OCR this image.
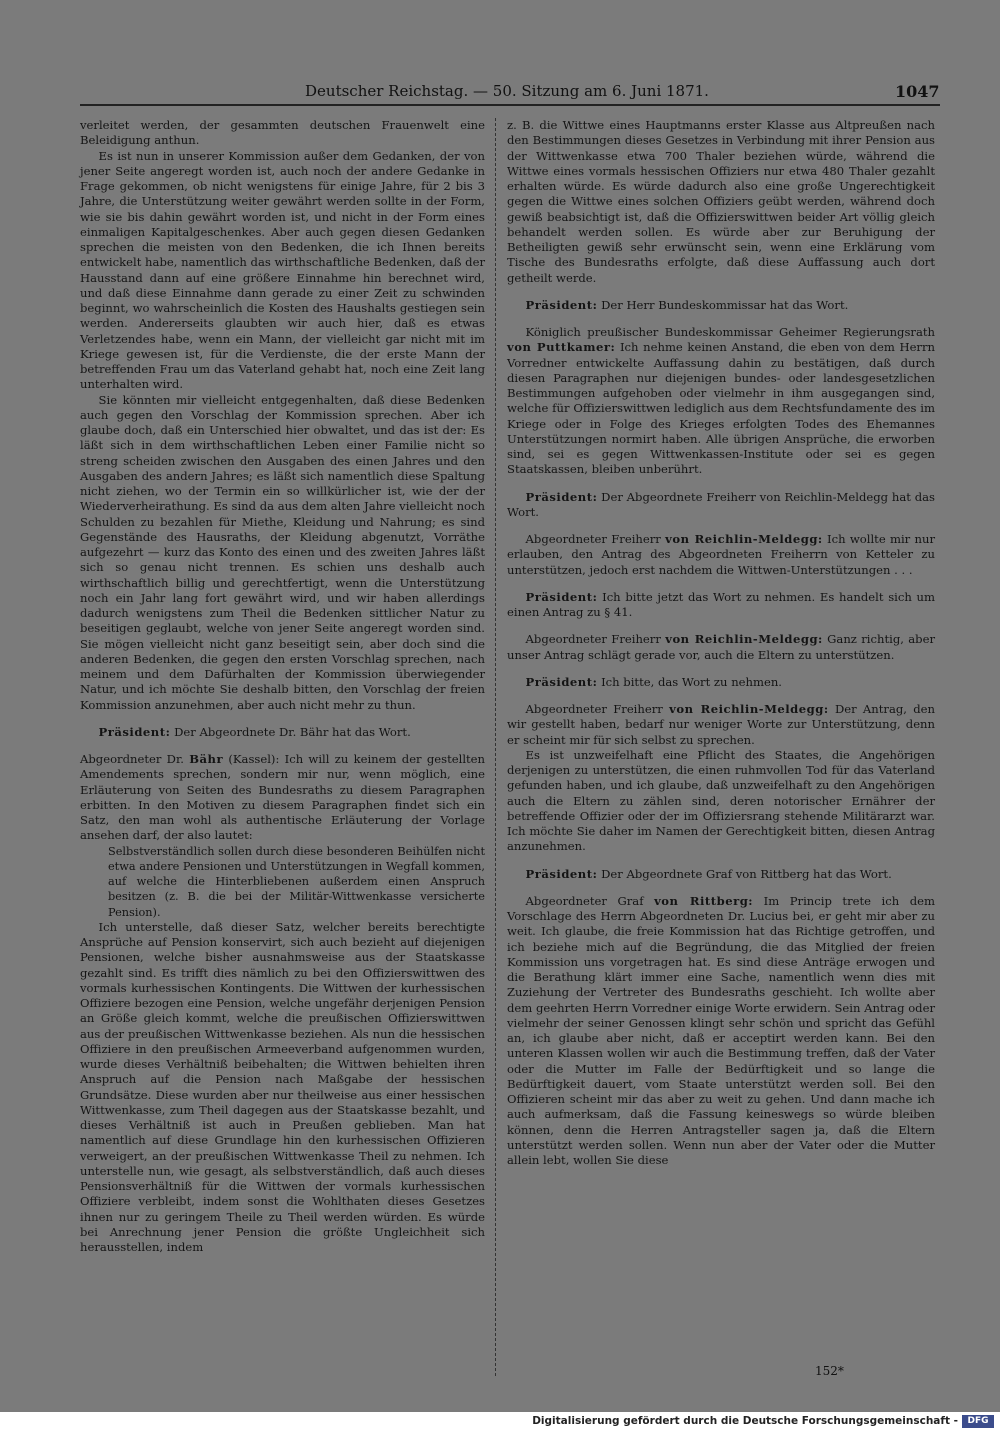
Deutscher Reichstag. — 50. Sitzung am 6. Juni 1871.	1047

verleitet werden, der gesammten deutschen Frauenwelt eine Beleidigung anthun.

Es ist nun in unserer Kommission außer dem Gedanken, der von jener Seite angeregt worden ist, auch noch der andere Gedanke in Frage gekommen, ob nicht wenigstens für einige Jahre, für 2 bis 3 Jahre, die Unterstützung weiter gewährt werden sollte in der Form, wie sie bis dahin gewährt worden ist, und nicht in der Form eines einmaligen Kapitalgeschenkes. Aber auch gegen diesen Gedanken sprechen die meisten von den Bedenken, die ich Ihnen bereits entwickelt habe, namentlich das wirthschaftliche Bedenken, daß der Hausstand dann auf eine größere Einnahme hin berechnet wird, und daß diese Einnahme dann gerade zu einer Zeit zu schwinden beginnt, wo wahrscheinlich die Kosten des Haushalts gestiegen sein werden. Andererseits glaubten wir auch hier, daß es etwas Verletzendes habe, wenn ein Mann, der vielleicht gar nicht mit im Kriege gewesen ist, für die Verdienste, die der erste Mann der betreffenden Frau um das Vaterland gehabt hat, noch eine Zeit lang unterhalten wird.

Sie könnten mir vielleicht entgegenhalten, daß diese Bedenken auch gegen den Vorschlag der Kommission sprechen. Aber ich glaube doch, daß ein Unterschied hier obwaltet, und das ist der: Es läßt sich in dem wirthschaftlichen Leben einer Familie nicht so streng scheiden zwischen den Ausgaben des einen Jahres und den Ausgaben des andern Jahres; es läßt sich namentlich diese Spaltung nicht ziehen, wo der Termin ein so willkürlicher ist, wie der der Wiederverheirathung. Es sind da aus dem alten Jahre vielleicht noch Schulden zu bezahlen für Miethe, Kleidung und Nahrung; es sind Gegenstände des Hausraths, der Kleidung abgenutzt, Vorräthe aufgezehrt — kurz das Konto des einen und des zweiten Jahres läßt sich so genau nicht trennen. Es schien uns deshalb auch wirthschaftlich billig und gerechtfertigt, wenn die Unterstützung noch ein Jahr lang fort gewährt wird, und wir haben allerdings dadurch wenigstens zum Theil die Bedenken sittlicher Natur zu beseitigen geglaubt, welche von jener Seite angeregt worden sind. Sie mögen vielleicht nicht ganz beseitigt sein, aber doch sind die anderen Bedenken, die gegen den ersten Vorschlag sprechen, nach meinem und dem Dafürhalten der Kommission überwiegender Natur, und ich möchte Sie deshalb bitten, den Vorschlag der freien Kommission anzunehmen, aber auch nicht mehr zu thun.

Präsident: Der Abgeordnete Dr. Bähr hat das Wort.

Abgeordneter Dr. Bähr (Kassel): Ich will zu keinem der gestellten Amendements sprechen, sondern mir nur, wenn möglich, eine Erläuterung von Seiten des Bundesraths zu diesem Paragraphen erbitten. In den Motiven zu diesem Paragraphen findet sich ein Satz, den man wohl als authentische Erläuterung der Vorlage ansehen darf, der also lautet:

Selbstverständlich sollen durch diese besonderen Beihülfen nicht etwa andere Pensionen und Unterstützungen in Wegfall kommen, auf welche die Hinterbliebenen außerdem einen Anspruch besitzen (z. B. die bei der Militär-Wittwenkasse versicherte Pension).

Ich unterstelle, daß dieser Satz, welcher bereits berechtigte Ansprüche auf Pension konservirt, sich auch bezieht auf diejenigen Pensionen, welche bisher ausnahmsweise aus der Staatskasse gezahlt sind. Es trifft dies nämlich zu bei den Offizierswittwen des vormals kurhessischen Kontingents. Die Wittwen der kurhessischen Offiziere bezogen eine Pension, welche ungefähr derjenigen Pension an Größe gleich kommt, welche die preußischen Offizierswittwen aus der preußischen Wittwenkasse beziehen. Als nun die hessischen Offiziere in den preußischen Armeeverband aufgenommen wurden, wurde dieses Verhältniß beibehalten; die Wittwen behielten ihren Anspruch auf die Pension nach Maßgabe der hessischen Grundsätze. Diese wurden aber nur theilweise aus einer hessischen Wittwenkasse, zum Theil dagegen aus der Staatskasse bezahlt, und dieses Verhältniß ist auch in Preußen geblieben. Man hat namentlich auf diese Grundlage hin den kurhessischen Offizieren verweigert, an der preußischen Wittwenkasse Theil zu nehmen. Ich unterstelle nun, wie gesagt, als selbstverständlich, daß auch dieses Pensionsverhältniß für die Wittwen der vormals kurhessischen Offiziere verbleibt, indem sonst die Wohlthaten dieses Gesetzes ihnen nur zu geringem Theile zu Theil werden würden. Es würde bei Anrechnung jener Pension die größte Ungleichheit sich herausstellen, indem

z. B. die Wittwe eines Hauptmanns erster Klasse aus Altpreußen nach den Bestimmungen dieses Gesetzes in Verbindung mit ihrer Pension aus der Wittwenkasse etwa 700 Thaler beziehen würde, während die Wittwe eines vormals hessischen Offiziers nur etwa 480 Thaler gezahlt erhalten würde. Es würde dadurch also eine große Ungerechtigkeit gegen die Wittwe eines solchen Offiziers geübt werden, während doch gewiß beabsichtigt ist, daß die Offizierswittwen beider Art völlig gleich behandelt werden sollen. Es würde aber zur Beruhigung der Betheiligten gewiß sehr erwünscht sein, wenn eine Erklärung vom Tische des Bundesraths erfolgte, daß diese Auffassung auch dort getheilt werde.

Präsident: Der Herr Bundeskommissar hat das Wort.

Königlich preußischer Bundeskommissar Geheimer Regierungsrath von Puttkamer: Ich nehme keinen Anstand, die eben von dem Herrn Vorredner entwickelte Auffassung dahin zu bestätigen, daß durch diesen Paragraphen nur diejenigen bundes- oder landesgesetzlichen Bestimmungen aufgehoben oder vielmehr in ihm ausgegangen sind, welche für Offizierswittwen lediglich aus dem Rechtsfundamente des im Kriege oder in Folge des Krieges erfolgten Todes des Ehemannes Unterstützungen normirt haben. Alle übrigen Ansprüche, die erworben sind, sei es gegen Wittwenkassen-Institute oder sei es gegen Staatskassen, bleiben unberührt.

Präsident: Der Abgeordnete Freiherr von Reichlin-Meldegg hat das Wort.

Abgeordneter Freiherr von Reichlin-Meldegg: Ich wollte mir nur erlauben, den Antrag des Abgeordneten Freiherrn von Ketteler zu unterstützen, jedoch erst nachdem die Wittwen-Unterstützungen . . .

Präsident: Ich bitte jetzt das Wort zu nehmen. Es handelt sich um einen Antrag zu § 41.

Abgeordneter Freiherr von Reichlin-Meldegg: Ganz richtig, aber unser Antrag schlägt gerade vor, auch die Eltern zu unterstützen.

Präsident: Ich bitte, das Wort zu nehmen.

Abgeordneter Freiherr von Reichlin-Meldegg: Der Antrag, den wir gestellt haben, bedarf nur weniger Worte zur Unterstützung, denn er scheint mir für sich selbst zu sprechen.

Es ist unzweifelhaft eine Pflicht des Staates, die Angehörigen derjenigen zu unterstützen, die einen ruhmvollen Tod für das Vaterland gefunden haben, und ich glaube, daß unzweifelhaft zu den Angehörigen auch die Eltern zu zählen sind, deren notorischer Ernährer der betreffende Offizier oder der im Offiziersrang stehende Militärarzt war. Ich möchte Sie daher im Namen der Gerechtigkeit bitten, diesen Antrag anzunehmen.

Präsident: Der Abgeordnete Graf von Rittberg hat das Wort.

Abgeordneter Graf von Rittberg: Im Princip trete ich dem Vorschlage des Herrn Abgeordneten Dr. Lucius bei, er geht mir aber zu weit. Ich glaube, die freie Kommission hat das Richtige getroffen, und ich beziehe mich auf die Begründung, die das Mitglied der freien Kommission uns vorgetragen hat. Es sind diese Anträge erwogen und die Berathung klärt immer eine Sache, namentlich wenn dies mit Zuziehung der Vertreter des Bundesraths geschieht. Ich wollte aber dem geehrten Herrn Vorredner einige Worte erwidern. Sein Antrag oder vielmehr der seiner Genossen klingt sehr schön und spricht das Gefühl an, ich glaube aber nicht, daß er acceptirt werden kann. Bei den unteren Klassen wollen wir auch die Bestimmung treffen, daß der Vater oder die Mutter im Falle der Bedürftigkeit und so lange die Bedürftigkeit dauert, vom Staate unterstützt werden soll. Bei den Offizieren scheint mir das aber zu weit zu gehen. Und dann mache ich auch aufmerksam, daß die Fassung keineswegs so würde bleiben können, denn die Herren Antragsteller sagen ja, daß die Eltern unterstützt werden sollen. Wenn nun aber der Vater oder die Mutter allein lebt, wollen Sie diese

152*
Digitalisierung gefördert durch die Deutsche Forschungsgemeinschaft -	DFG
